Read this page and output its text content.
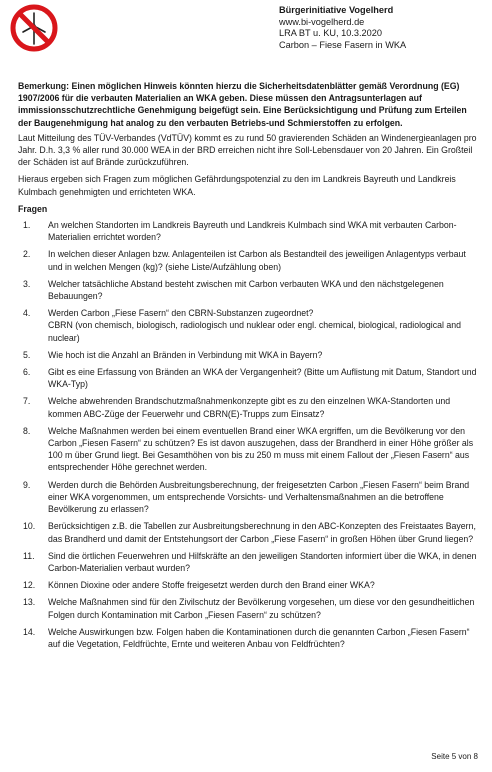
Bürgerinitiative Vogelherd
www.bi-vogelherd.de
LRA BT u. KU, 10.3.2020
Carbon – Fiese Fasern in WKA

Bemerkung: Einen möglichen Hinweis könnten hierzu die Sicherheitsdatenblätter gemäß Verordnung (EG) 1907/2006 für die verbauten Materialien an WKA geben. Diese müssen den Antragsunterlagen auf immissionsschutzrechtliche Genehmigung beigefügt sein. Eine Berücksichtigung und Prüfung zum Erteilen der Baugenehmigung hat analog zu den verbauten Betriebs-und Schmierstoffen zu erfolgen.

Laut Mitteilung des TÜV-Verbandes (VdTÜV) kommt es zu rund 50 gravierenden Schäden an Windenergieanlagen pro Jahr. D.h. 3,3 % aller rund 30.000 WEA in der BRD erreichen nicht ihre Soll-Lebensdauer von 20 Jahren. Ein Großteil der Schäden ist auf Brände zurückzuführen.

Hieraus ergeben sich Fragen zum möglichen Gefährdungspotenzial zu den im Landkreis Bayreuth und Landkreis Kulmbach genehmigten und errichteten WKA.

Fragen
1. An welchen Standorten im Landkreis Bayreuth und Landkreis Kulmbach sind WKA mit verbauten Carbon-Materialien errichtet worden?
2. In welchen dieser Anlagen bzw. Anlagenteilen ist Carbon als Bestandteil des jeweiligen Anlagentyps verbaut und in welchen Mengen (kg)? (siehe Liste/Aufzählung oben)
3. Welcher tatsächliche Abstand besteht zwischen mit Carbon verbauten WKA und den nächstgelegenen Bebauungen?
4. Werden Carbon „Fiese Fasern“ den CBRN-Substanzen zugeordnet?
CBRN (von chemisch, biologisch, radiologisch und nuklear oder engl. chemical, biological, radiological and nuclear)
5. Wie hoch ist die Anzahl an Bränden in Verbindung mit WKA in Bayern?
6. Gibt es eine Erfassung von Bränden an WKA der Vergangenheit? (Bitte um Auflistung mit Datum, Standort und WKA-Typ)
7. Welche abwehrenden Brandschutzmaßnahmenkonzepte gibt es zu den einzelnen WKA-Standorten und kommen ABC-Züge der Feuerwehr und CBRN(E)-Trupps zum Einsatz?
8. Welche Maßnahmen werden bei einem eventuellen Brand einer WKA ergriffen, um die Bevölkerung vor den Carbon „Fiesen Fasern“ zu schützen? Es ist davon auszugehen, dass der Brandherd in einer Höhe größer als 100 m über Grund liegt. Bei Gesamthöhen von bis zu 250 m muss mit einem Fallout der „Fiesen Fasern“ aus entsprechender Höhe gerechnet werden.
9. Werden durch die Behörden Ausbreitungsberechnung, der freigesetzten Carbon „Fiesen Fasern“ beim Brand einer WKA vorgenommen, um entsprechende Vorsichts- und Verhaltensmaßnahmen an die betroffene Bevölkerung zu erlassen?
10. Berücksichtigen z.B. die Tabellen zur Ausbreitungsberechnung in den ABC-Konzepten des Freistaates Bayern, das Brandherd und damit der Entstehungsort der Carbon „Fiese Fasern“ in großen Höhen über Grund liegen?
11. Sind die örtlichen Feuerwehren und Hilfskräfte an den jeweiligen Standorten informiert über die WKA, in denen Carbon-Materialien verbaut wurden?
12. Können Dioxine oder andere Stoffe freigesetzt werden durch den Brand einer WKA?
13. Welche Maßnahmen sind für den Zivilschutz der Bevölkerung vorgesehen, um diese vor den gesundheitlichen Folgen durch Kontamination mit Carbon „Fiesen Fasern“ zu schützen?
14. Welche Auswirkungen bzw. Folgen haben die Kontaminationen durch die genannten Carbon „Fiesen Fasern“ auf die Vegetation, Feldfrüchte, Ernte und weiteren Anbau von Feldfrüchten?
Seite 5 von 8
